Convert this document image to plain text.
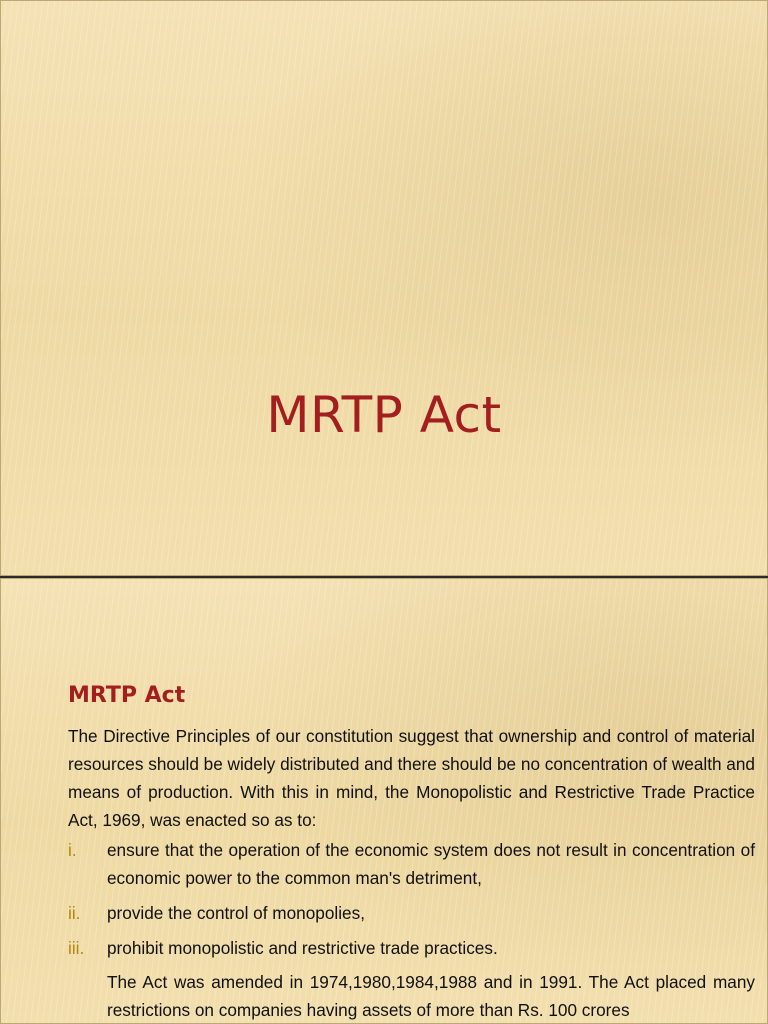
MRTP Act
MRTP Act

The Directive Principles of our constitution suggest that ownership and control of material resources should be widely distributed and there should be no concentration of wealth and means of production. With this in mind, the Monopolistic and Restrictive Trade Practice Act, 1969, was enacted so as to:

i. ensure that the operation of the economic system does not result in concentration of economic power to the common man's detriment,
ii. provide the control of monopolies,
iii. prohibit monopolistic and restrictive trade practices.

The Act was amended in 1974,1980,1984,1988 and in 1991. The Act placed many restrictions on companies having assets of more than Rs. 100 crores
